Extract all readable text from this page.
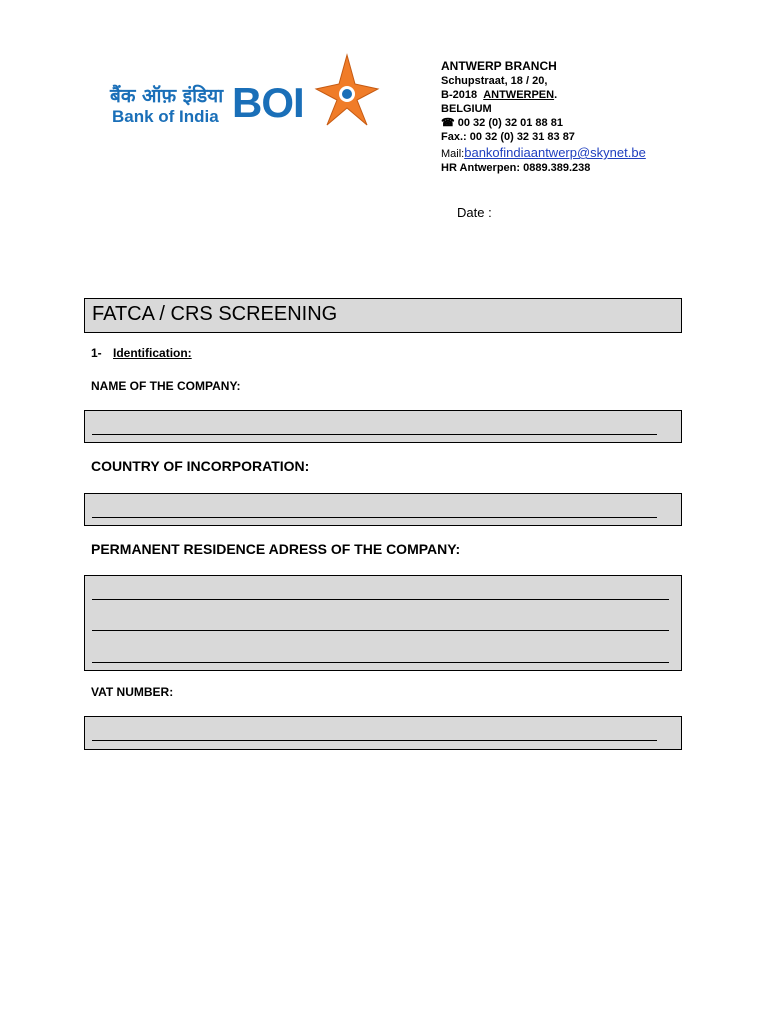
बैंक ऑफ़ इंडिया
Bank of India BOI
ANTWERP BRANCH
Schupstraat, 18 / 20,
B-2018 ANTWERPEN.
BELGIUM
☎ 00 32 (0) 32 01 88 81
Fax.: 00 32 (0) 32 31 83 87
Mail:bankofindiaantwerp@skynet.be
HR Antwerpen: 0889.389.238
Date :
FATCA / CRS SCREENING
1- Identification:
NAME OF THE COMPANY:
COUNTRY OF INCORPORATION:
PERMANENT RESIDENCE ADRESS OF THE COMPANY:
VAT NUMBER:
